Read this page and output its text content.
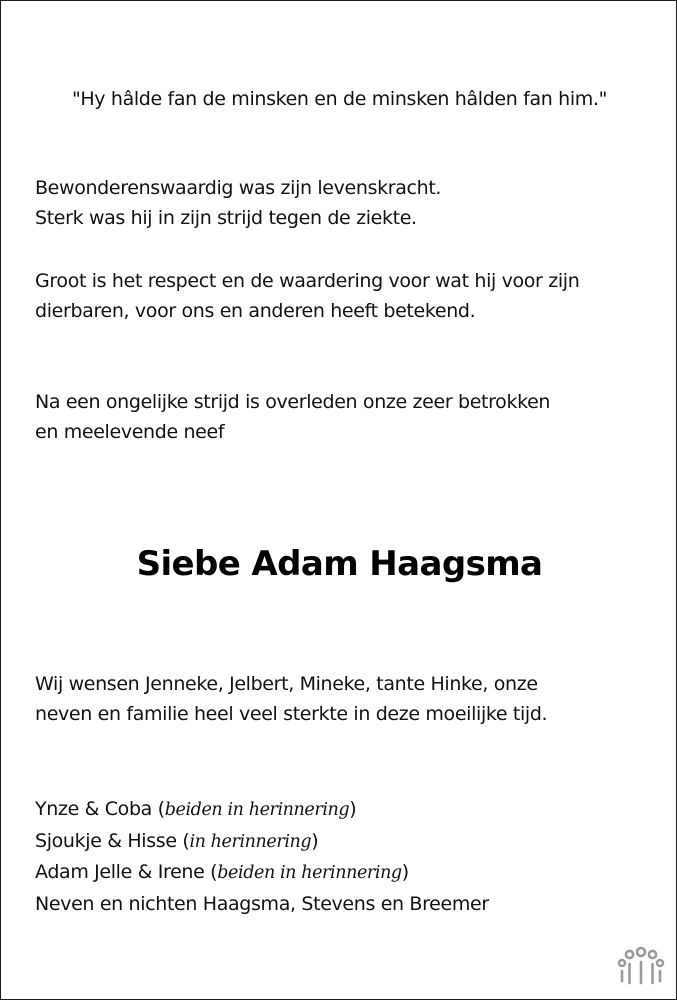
"Hy hâlde fan de minsken en de minsken hâlden fan him."
Bewonderenswaardig was zijn levenskracht.
Sterk was hij in zijn strijd tegen de ziekte.
Groot is het respect en de waardering voor wat hij voor zijn
dierbaren, voor ons en anderen heeft betekend.
Na een ongelijke strijd is overleden onze zeer betrokken
en meelevende neef
Siebe Adam Haagsma
Wij wensen Jenneke, Jelbert, Mineke, tante Hinke, onze
neven en familie heel veel sterkte in deze moeilijke tijd.
Ynze & Coba (beiden in herinnering)
Sjoukje & Hisse (in herinnering)
Adam Jelle & Irene (beiden in herinnering)
Neven en nichten Haagsma, Stevens en Breemer
